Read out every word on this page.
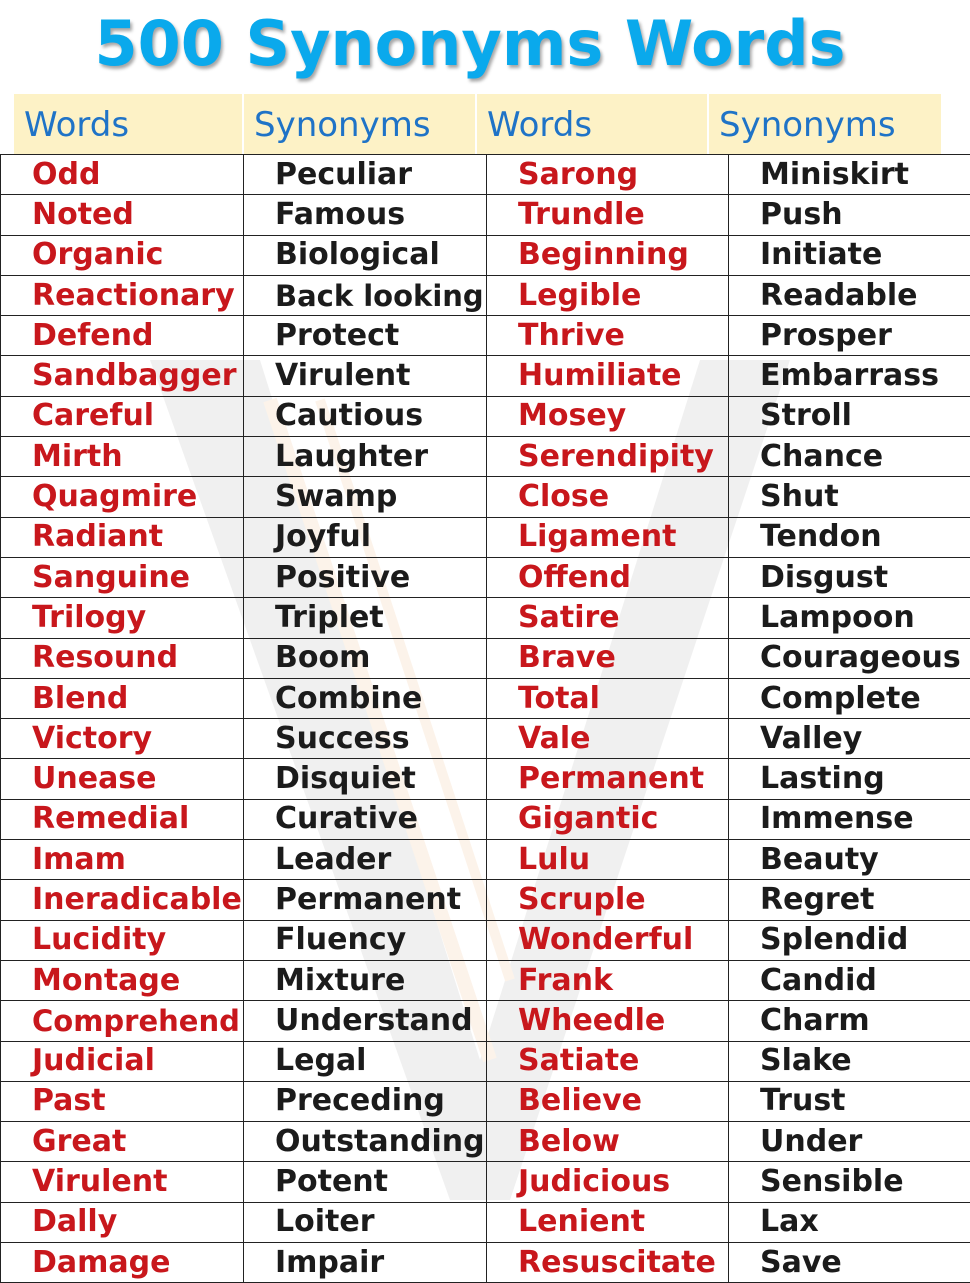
500 Synonyms Words
Words	Synonyms	Words	Synonyms
Odd	Peculiar	Sarong	Miniskirt
Noted	Famous	Trundle	Push
Organic	Biological	Beginning	Initiate
Reactionary	Back looking	Legible	Readable
Defend	Protect	Thrive	Prosper
Sandbagger	Virulent	Humiliate	Embarrass
Careful	Cautious	Mosey	Stroll
Mirth	Laughter	Serendipity	Chance
Quagmire	Swamp	Close	Shut
Radiant	Joyful	Ligament	Tendon
Sanguine	Positive	Offend	Disgust
Trilogy	Triplet	Satire	Lampoon
Resound	Boom	Brave	Courageous
Blend	Combine	Total	Complete
Victory	Success	Vale	Valley
Unease	Disquiet	Permanent	Lasting
Remedial	Curative	Gigantic	Immense
Imam	Leader	Lulu	Beauty
Ineradicable	Permanent	Scruple	Regret
Lucidity	Fluency	Wonderful	Splendid
Montage	Mixture	Frank	Candid
Comprehend	Understand	Wheedle	Charm
Judicial	Legal	Satiate	Slake
Past	Preceding	Believe	Trust
Great	Outstanding	Below	Under
Virulent	Potent	Judicious	Sensible
Dally	Loiter	Lenient	Lax
Damage	Impair	Resuscitate	Save
